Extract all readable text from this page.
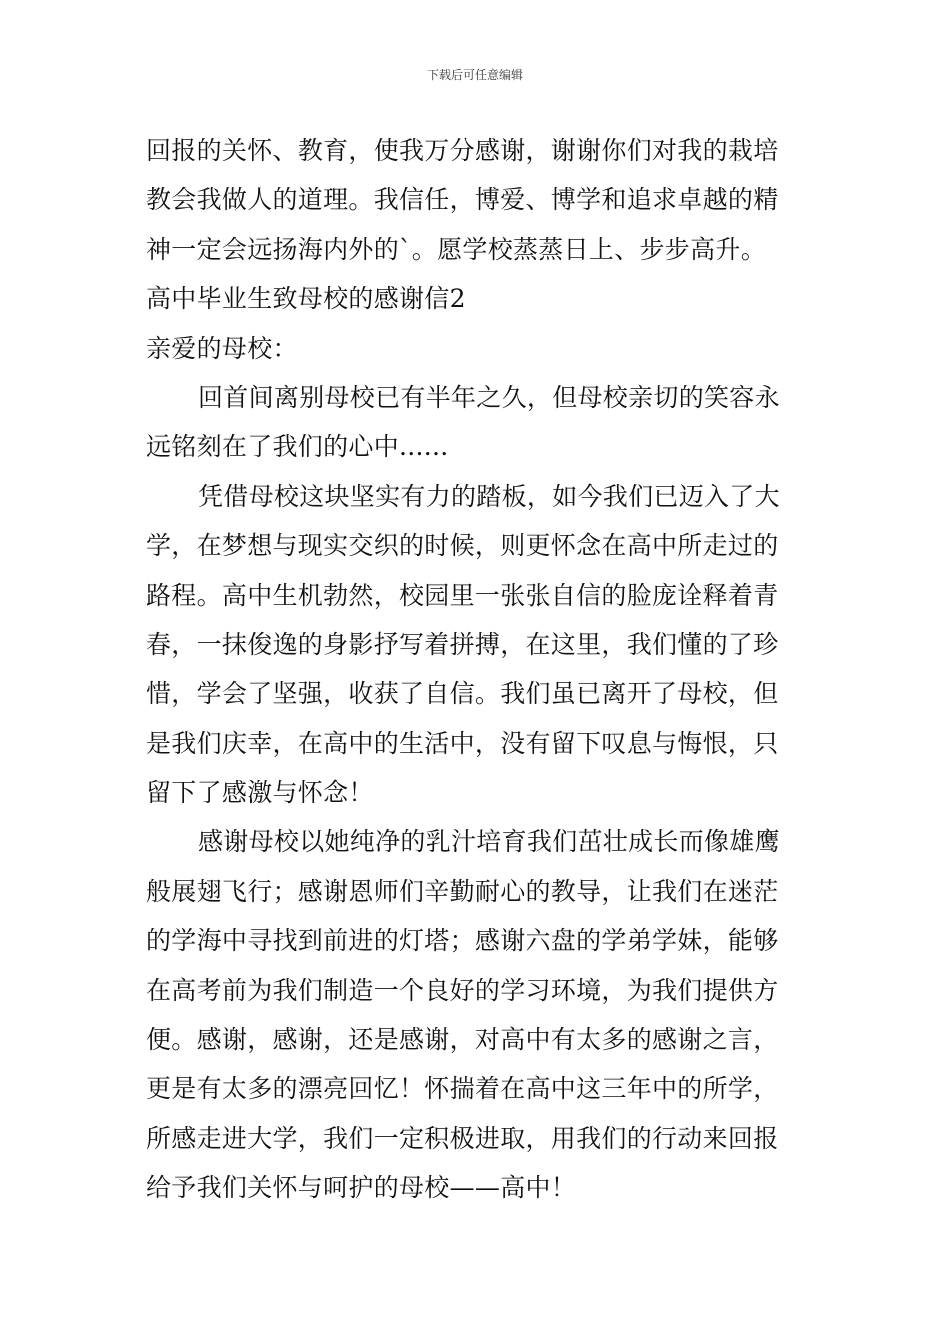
下载后可任意编辑
回报的关怀、教育，使我万分感谢，谢谢你们对我的栽培
教会我做人的道理。我信任，博爱、博学和追求卓越的精
神一定会远扬海内外的`。愿学校蒸蒸日上、步步高升。
高中毕业生致母校的感谢信2
亲爱的母校：
回首间离别母校已有半年之久，但母校亲切的笑容永
远铭刻在了我们的心中......
凭借母校这块坚实有力的踏板，如今我们已迈入了大
学，在梦想与现实交织的时候，则更怀念在高中所走过的
路程。高中生机勃然，校园里一张张自信的脸庞诠释着青
春，一抹俊逸的身影抒写着拼搏，在这里，我们懂的了珍
惜，学会了坚强，收获了自信。我们虽已离开了母校，但
是我们庆幸，在高中的生活中，没有留下叹息与悔恨，只
留下了感激与怀念！
感谢母校以她纯净的乳汁培育我们茁壮成长而像雄鹰
般展翅飞行；感谢恩师们辛勤耐心的教导，让我们在迷茫
的学海中寻找到前进的灯塔；感谢六盘的学弟学妹，能够
在高考前为我们制造一个良好的学习环境，为我们提供方
便。感谢，感谢，还是感谢，对高中有太多的感谢之言，
更是有太多的漂亮回忆！怀揣着在高中这三年中的所学，
所感走进大学，我们一定积极进取，用我们的行动来回报
给予我们关怀与呵护的母校——高中！
